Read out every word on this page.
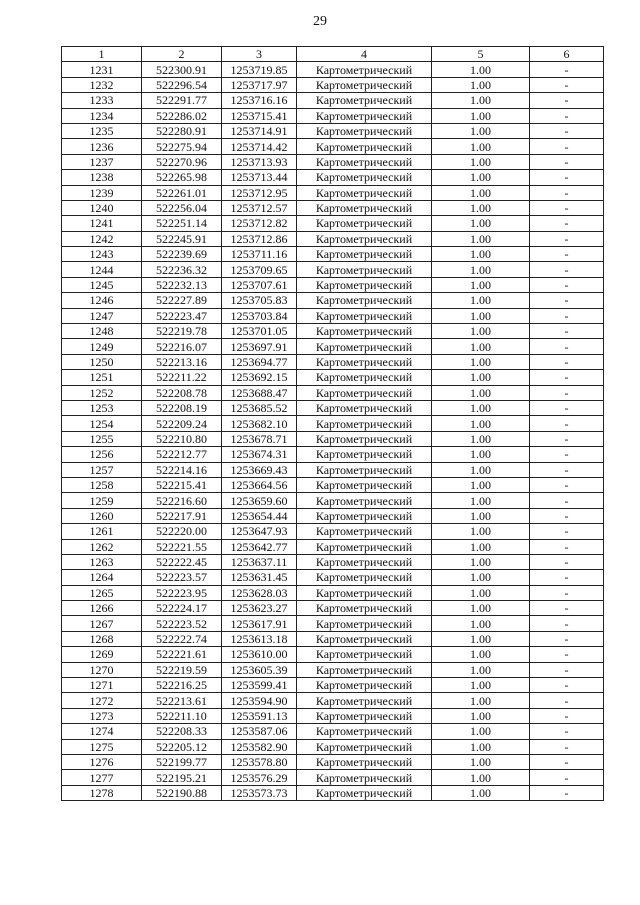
29
1	2	3	4	5	6
1231	522300.91	1253719.85	Картометрический	1.00	-
1232	522296.54	1253717.97	Картометрический	1.00	-
1233	522291.77	1253716.16	Картометрический	1.00	-
1234	522286.02	1253715.41	Картометрический	1.00	-
1235	522280.91	1253714.91	Картометрический	1.00	-
1236	522275.94	1253714.42	Картометрический	1.00	-
1237	522270.96	1253713.93	Картометрический	1.00	-
1238	522265.98	1253713.44	Картометрический	1.00	-
1239	522261.01	1253712.95	Картометрический	1.00	-
1240	522256.04	1253712.57	Картометрический	1.00	-
1241	522251.14	1253712.82	Картометрический	1.00	-
1242	522245.91	1253712.86	Картометрический	1.00	-
1243	522239.69	1253711.16	Картометрический	1.00	-
1244	522236.32	1253709.65	Картометрический	1.00	-
1245	522232.13	1253707.61	Картометрический	1.00	-
1246	522227.89	1253705.83	Картометрический	1.00	-
1247	522223.47	1253703.84	Картометрический	1.00	-
1248	522219.78	1253701.05	Картометрический	1.00	-
1249	522216.07	1253697.91	Картометрический	1.00	-
1250	522213.16	1253694.77	Картометрический	1.00	-
1251	522211.22	1253692.15	Картометрический	1.00	-
1252	522208.78	1253688.47	Картометрический	1.00	-
1253	522208.19	1253685.52	Картометрический	1.00	-
1254	522209.24	1253682.10	Картометрический	1.00	-
1255	522210.80	1253678.71	Картометрический	1.00	-
1256	522212.77	1253674.31	Картометрический	1.00	-
1257	522214.16	1253669.43	Картометрический	1.00	-
1258	522215.41	1253664.56	Картометрический	1.00	-
1259	522216.60	1253659.60	Картометрический	1.00	-
1260	522217.91	1253654.44	Картометрический	1.00	-
1261	522220.00	1253647.93	Картометрический	1.00	-
1262	522221.55	1253642.77	Картометрический	1.00	-
1263	522222.45	1253637.11	Картометрический	1.00	-
1264	522223.57	1253631.45	Картометрический	1.00	-
1265	522223.95	1253628.03	Картометрический	1.00	-
1266	522224.17	1253623.27	Картометрический	1.00	-
1267	522223.52	1253617.91	Картометрический	1.00	-
1268	522222.74	1253613.18	Картометрический	1.00	-
1269	522221.61	1253610.00	Картометрический	1.00	-
1270	522219.59	1253605.39	Картометрический	1.00	-
1271	522216.25	1253599.41	Картометрический	1.00	-
1272	522213.61	1253594.90	Картометрический	1.00	-
1273	522211.10	1253591.13	Картометрический	1.00	-
1274	522208.33	1253587.06	Картометрический	1.00	-
1275	522205.12	1253582.90	Картометрический	1.00	-
1276	522199.77	1253578.80	Картометрический	1.00	-
1277	522195.21	1253576.29	Картометрический	1.00	-
1278	522190.88	1253573.73	Картометрический	1.00	-
